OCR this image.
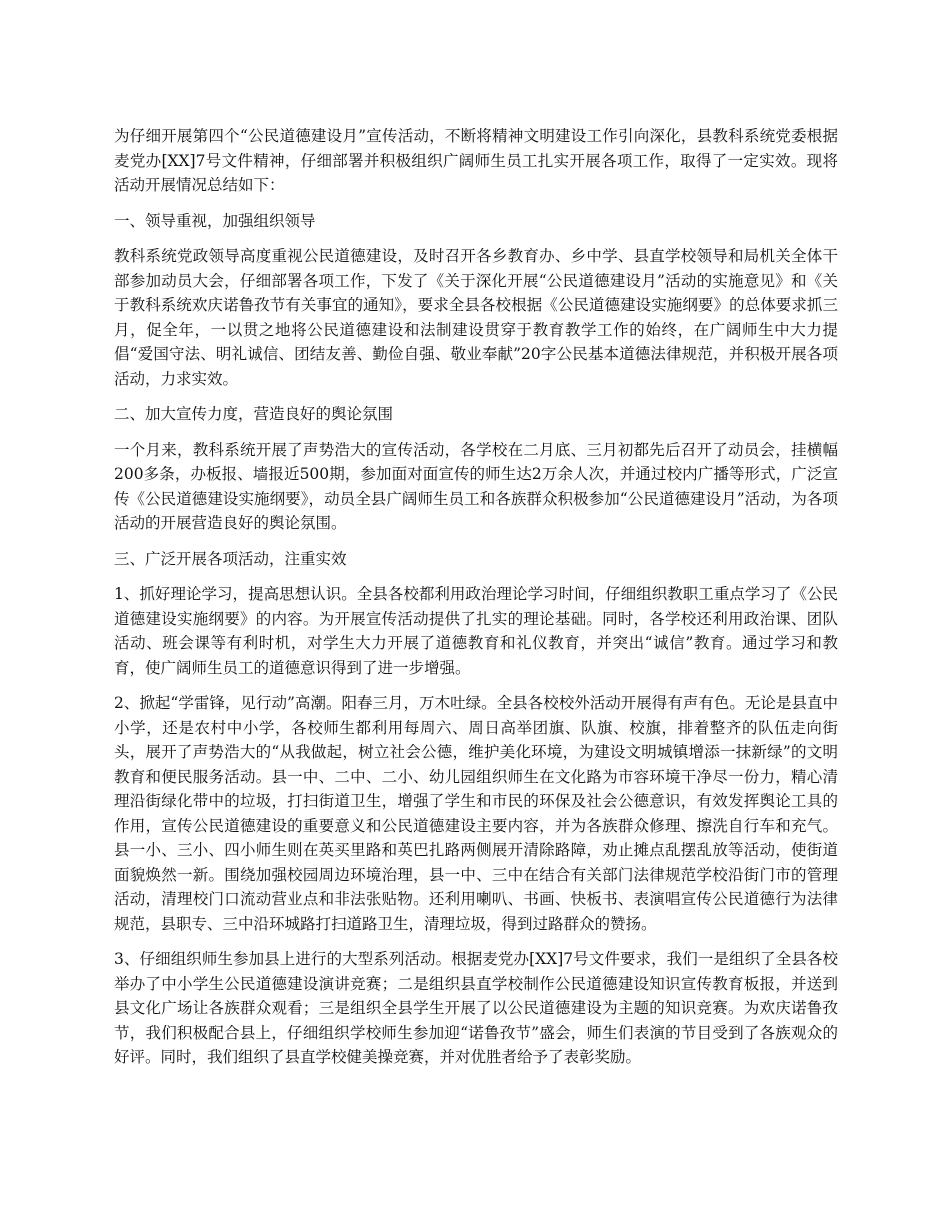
为仔细开展第四个“公民道德建设月”宣传活动，不断将精神文明建设工作引向深化，县教科系统党委根据麦党办[XX]7号文件精神，仔细部署并积极组织广阔师生员工扎实开展各项工作，取得了一定实效。现将活动开展情况总结如下：

一、领导重视，加强组织领导

教科系统党政领导高度重视公民道德建设，及时召开各乡教育办、乡中学、县直学校领导和局机关全体干部参加动员大会，仔细部署各项工作，下发了《关于深化开展“公民道德建设月”活动的实施意见》和《关于教科系统欢庆诺鲁孜节有关事宜的通知》，要求全县各校根据《公民道德建设实施纲要》的总体要求抓三月，促全年，一以贯之地将公民道德建设和法制建设贯穿于教育教学工作的始终，在广阔师生中大力提倡“爱国守法、明礼诚信、团结友善、勤俭自强、敬业奉献”20字公民基本道德法律规范，并积极开展各项活动，力求实效。

二、加大宣传力度，营造良好的舆论氛围

一个月来，教科系统开展了声势浩大的宣传活动，各学校在二月底、三月初都先后召开了动员会，挂横幅200多条，办板报、墙报近500期，参加面对面宣传的师生达2万余人次，并通过校内广播等形式，广泛宣传《公民道德建设实施纲要》，动员全县广阔师生员工和各族群众积极参加“公民道德建设月”活动，为各项活动的开展营造良好的舆论氛围。

三、广泛开展各项活动，注重实效

1、抓好理论学习，提高思想认识。全县各校都利用政治理论学习时间，仔细组织教职工重点学习了《公民道德建设实施纲要》的内容。为开展宣传活动提供了扎实的理论基础。同时，各学校还利用政治课、团队活动、班会课等有利时机，对学生大力开展了道德教育和礼仪教育，并突出“诚信”教育。通过学习和教育，使广阔师生员工的道德意识得到了进一步增强。

2、掀起“学雷锋，见行动”高潮。阳春三月，万木吐绿。全县各校校外活动开展得有声有色。无论是县直中小学，还是农村中小学，各校师生都利用每周六、周日高举团旗、队旗、校旗，排着整齐的队伍走向街头，展开了声势浩大的“从我做起，树立社会公德，维护美化环境，为建设文明城镇增添一抹新绿”的文明教育和便民服务活动。县一中、二中、二小、幼儿园组织师生在文化路为市容环境干净尽一份力，精心清理沿街绿化带中的垃圾，打扫街道卫生，增强了学生和市民的环保及社会公德意识，有效发挥舆论工具的作用，宣传公民道德建设的重要意义和公民道德建设主要内容，并为各族群众修理、擦洗自行车和充气。县一小、三小、四小师生则在英买里路和英巴扎路两侧展开清除路障，劝止摊点乱摆乱放等活动，使街道面貌焕然一新。围绕加强校园周边环境治理，县一中、三中在结合有关部门法律规范学校沿街门市的管理活动，清理校门口流动营业点和非法张贴物。还利用喇叭、书画、快板书、表演唱宣传公民道德行为法律规范，县职专、三中沿环城路打扫道路卫生，清理垃圾，得到过路群众的赞扬。

3、仔细组织师生参加县上进行的大型系列活动。根据麦党办[XX]7号文件要求，我们一是组织了全县各校举办了中小学生公民道德建设演讲竞赛；二是组织县直学校制作公民道德建设知识宣传教育板报，并送到县文化广场让各族群众观看；三是组织全县学生开展了以公民道德建设为主题的知识竞赛。为欢庆诺鲁孜节，我们积极配合县上，仔细组织学校师生参加迎“诺鲁孜节”盛会，师生们表演的节目受到了各族观众的好评。同时，我们组织了县直学校健美操竞赛，并对优胜者给予了表彰奖励。
